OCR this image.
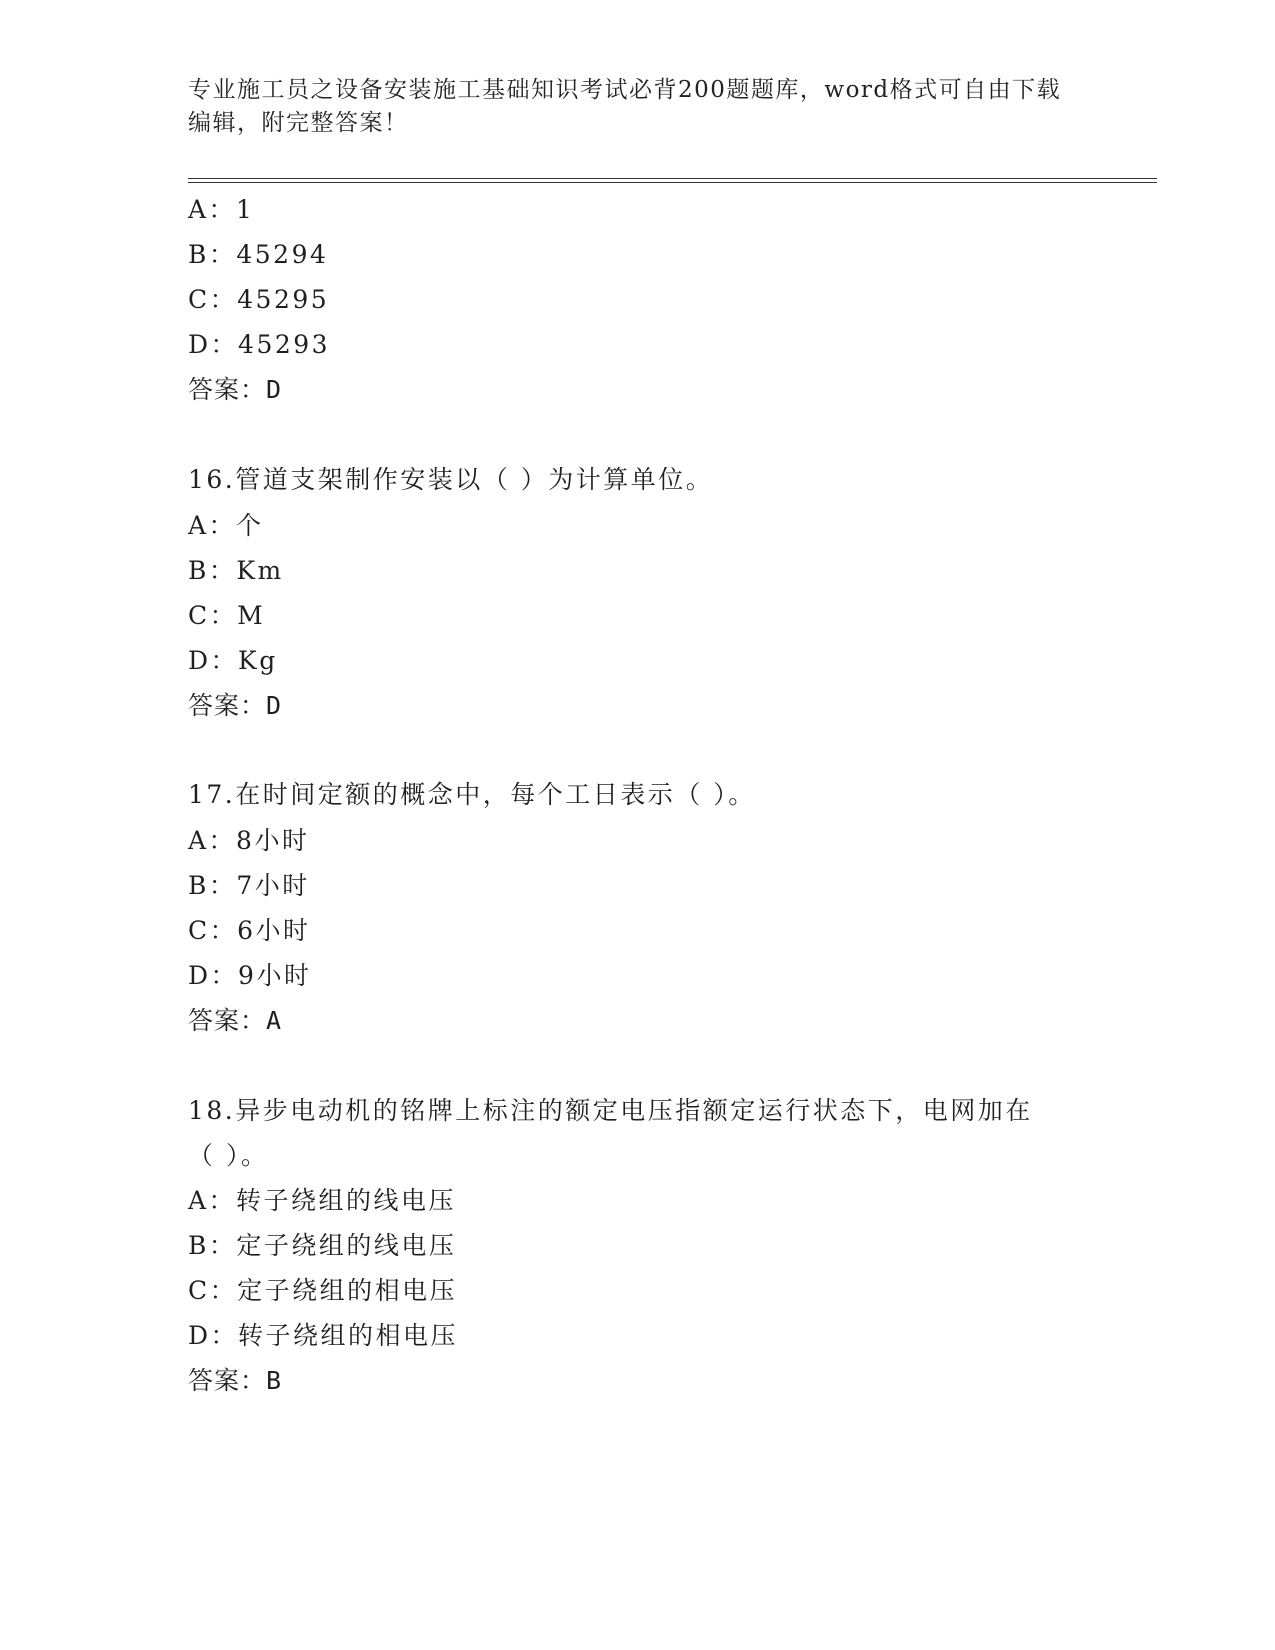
专业施工员之设备安装施工基础知识考试必背200题题库，word格式可自由下载
编辑，附完整答案！
A：1
B：45294
C：45295
D：45293
答案：D
16.管道支架制作安装以（ ）为计算单位。
A：个
B：Km
C：M
D：Kg
答案：D
17.在时间定额的概念中，每个工日表示（ ）。
A：8小时
B：7小时
C：6小时
D：9小时
答案：A
18.异步电动机的铭牌上标注的额定电压指额定运行状态下，电网加在
（ ）。
A：转子绕组的线电压
B：定子绕组的线电压
C：定子绕组的相电压
D：转子绕组的相电压
答案：B
